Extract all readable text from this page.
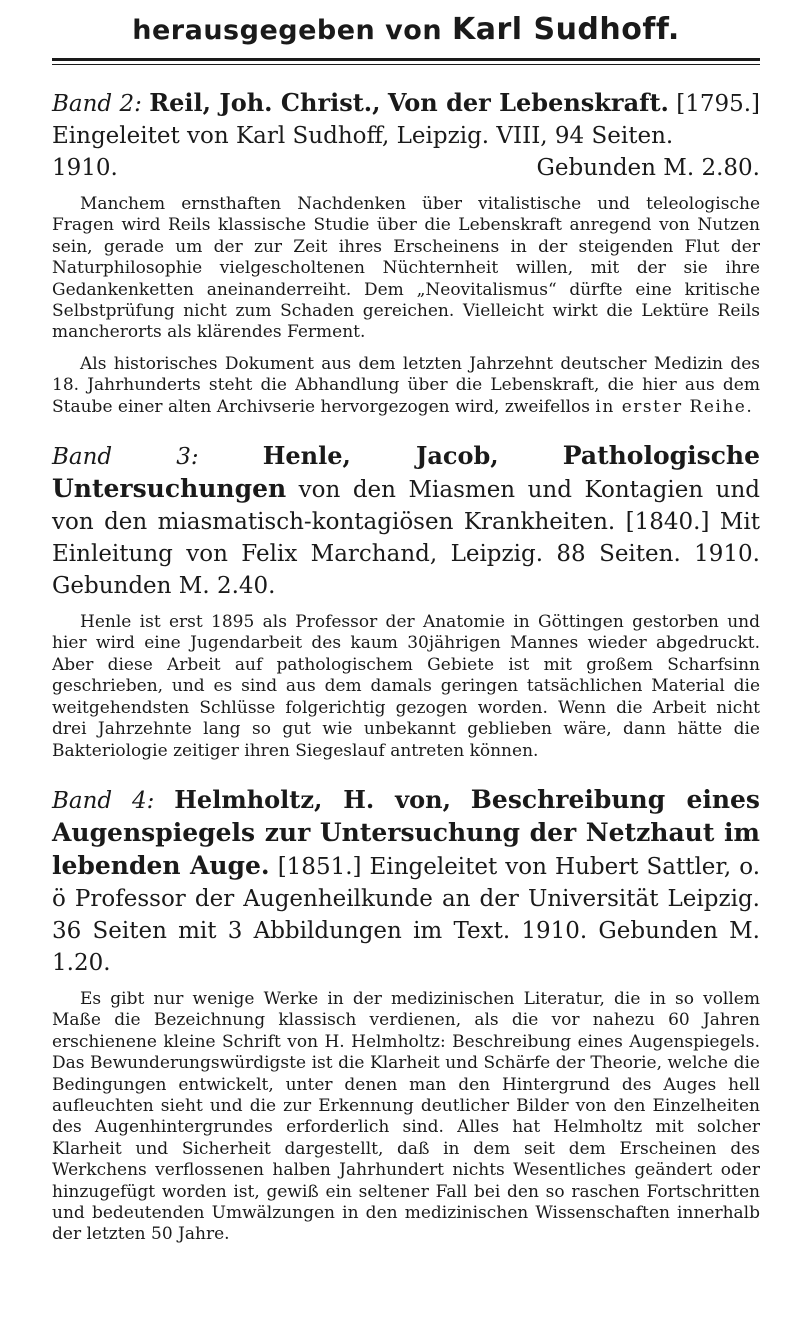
herausgegeben von Karl Sudhoff.

Band 2: Reil, Joh. Christ., Von der Lebenskraft. [1795.] Eingeleitet von Karl Sudhoff, Leipzig. VIII, 94 Seiten.

1910.	Gebunden M. 2.80.

Manchem ernsthaften Nachdenken über vitalistische und teleologische Fragen wird Reils klassische Studie über die Lebenskraft anregend von Nutzen sein, gerade um der zur Zeit ihres Erscheinens in der steigenden Flut der Naturphilosophie vielgescholtenen Nüchternheit willen, mit der sie ihre Gedankenketten aneinanderreiht. Dem „Neovitalismus“ dürfte eine kritische Selbstprüfung nicht zum Schaden gereichen. Vielleicht wirkt die Lektüre Reils mancherorts als klärendes Ferment.

Als historisches Dokument aus dem letzten Jahrzehnt deutscher Medizin des 18. Jahrhunderts steht die Abhandlung über die Lebenskraft, die hier aus dem Staube einer alten Archivserie hervorgezogen wird, zweifellos in erster Reihe.

Band 3:	Henle, Jacob,	Pathologische Untersuchungen von den Miasmen und Kontagien und von den miasmatisch-kontagiösen Krankheiten. [1840.] Mit Einleitung von Felix Marchand, Leipzig. 88 Seiten. 1910. Gebunden M. 2.40.

Henle ist erst 1895 als Professor der Anatomie in Göttingen gestorben und hier wird eine Jugendarbeit des kaum 30jährigen Mannes wieder abgedruckt. Aber diese Arbeit auf pathologischem Gebiete ist mit großem Scharfsinn geschrieben, und es sind aus dem damals geringen tatsächlichen Material die weitgehendsten Schlüsse folgerichtig gezogen worden. Wenn die Arbeit nicht drei Jahrzehnte lang so gut wie unbekannt geblieben wäre, dann hätte die Bakteriologie zeitiger ihren Siegeslauf antreten können.

Band 4: Helmholtz, H. von, Beschreibung eines Augenspiegels zur Untersuchung der Netzhaut im lebenden Auge. [1851.] Eingeleitet von Hubert Sattler, o. ö Professor der Augenheilkunde an der Universität Leipzig. 36 Seiten mit 3 Abbildungen im Text. 1910. Gebunden M. 1.20.

Es gibt nur wenige Werke in der medizinischen Literatur, die in so vollem Maße die Bezeichnung klassisch verdienen, als die vor nahezu 60 Jahren erschienene kleine Schrift von H. Helmholtz: Beschreibung eines Augenspiegels. Das Bewunderungswürdigste ist die Klarheit und Schärfe der Theorie, welche die Bedingungen entwickelt, unter denen man den Hintergrund des Auges hell aufleuchten sieht und die zur Erkennung deutlicher Bilder von den Einzelheiten des Augenhintergrundes erforderlich sind. Alles hat Helmholtz mit solcher Klarheit und Sicherheit dargestellt, daß in dem seit dem Erscheinen des Werkchens verflossenen halben Jahrhundert nichts Wesentliches geändert oder hinzugefügt worden ist, gewiß ein seltener Fall bei den so raschen Fortschritten und bedeutenden Umwälzungen in den medizinischen Wissenschaften innerhalb der letzten 50 Jahre.
